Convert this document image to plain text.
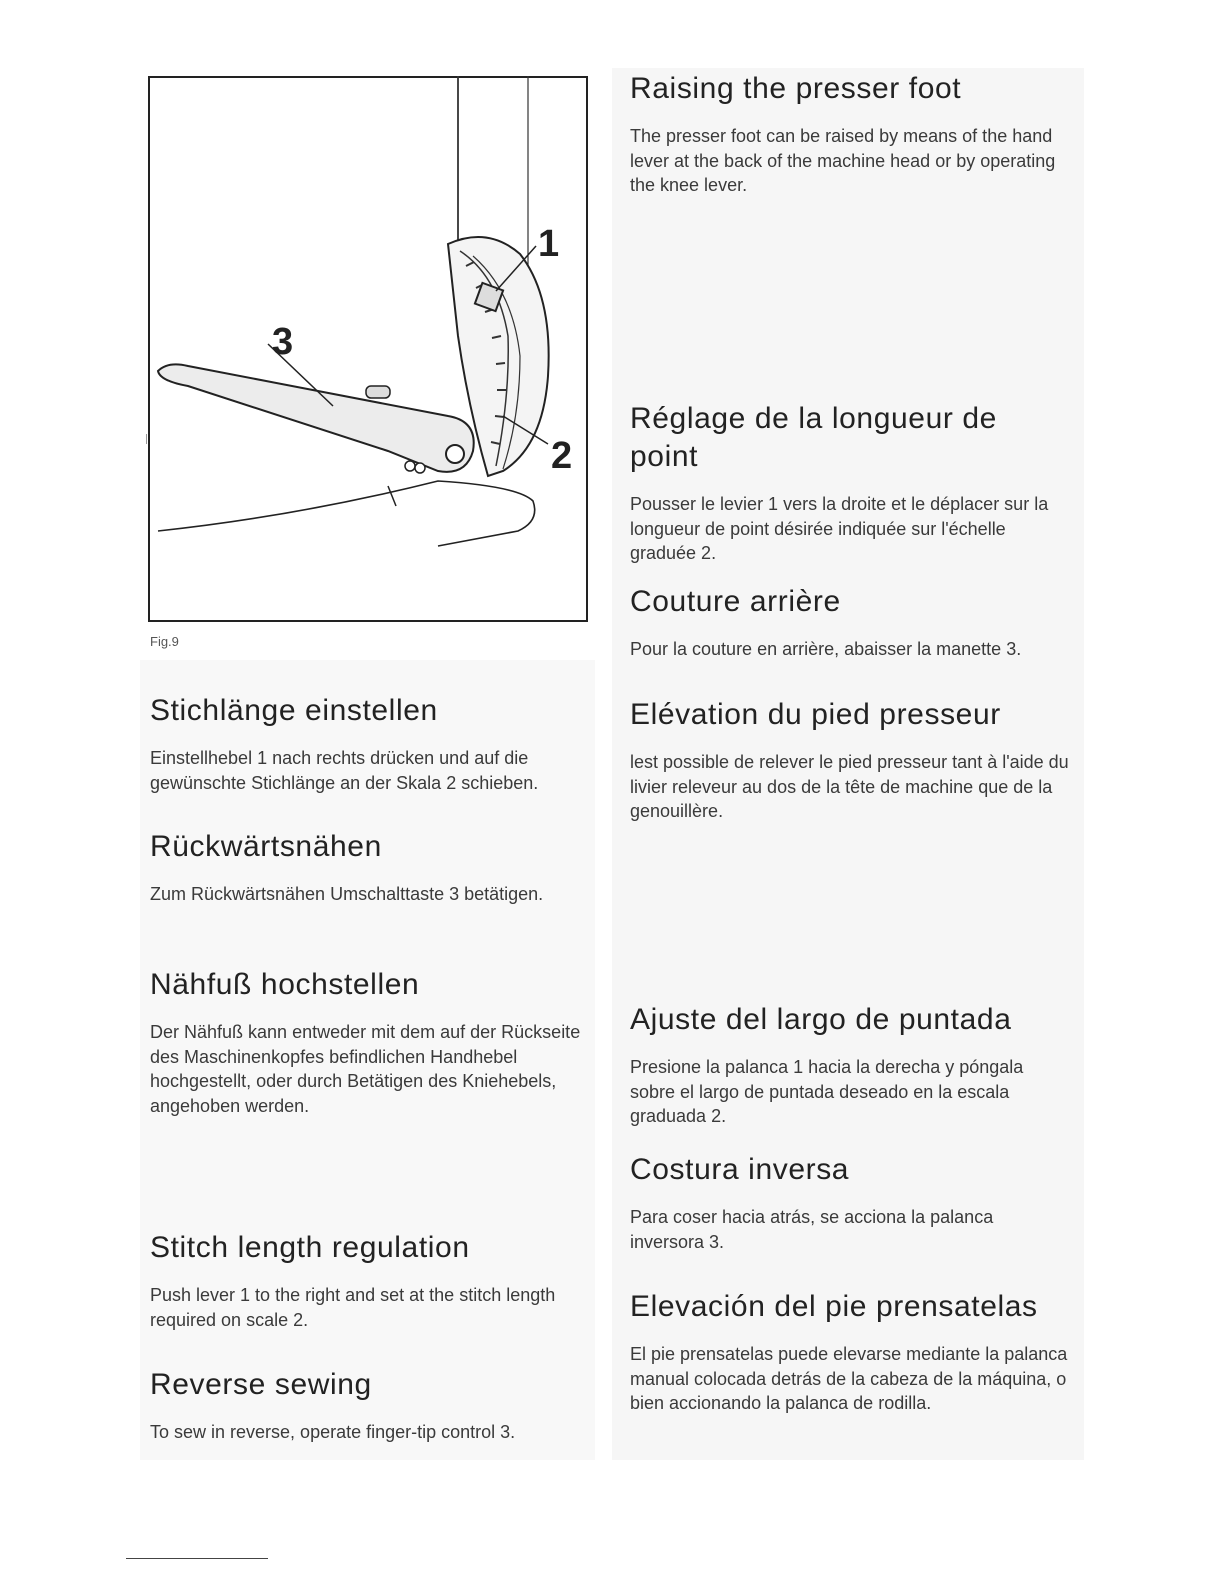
1
2
3
Fig.9
Stichlänge einstellen

Einstellhebel 1 nach rechts drücken und auf die gewünschte Stichlänge an der Skala 2 schieben.

Rückwärtsnähen

Zum Rückwärtsnähen Umschalttaste 3 betätigen.

Nähfuß hochstellen

Der Nähfuß kann entweder mit dem auf der Rückseite des Maschinenkopfes befindlichen Handhebel hochgestellt, oder durch Betätigen des Kniehebels, angehoben werden.

Stitch length regulation

Push lever 1 to the right and set at the stitch length required on scale 2.

Reverse sewing

To sew in reverse, operate finger-tip control 3.

Raising the presser foot

The presser foot can be raised by means of the hand lever at the back of the machine head or by operating the knee lever.

Réglage de la longueur de point

Pousser le levier 1 vers la droite et le déplacer sur la longueur de point désirée indiquée sur l'échelle graduée 2.

Couture arrière

Pour la couture en arrière, abaisser la manette 3.

Elévation du pied presseur

lest possible de relever le pied presseur tant à l'aide du livier releveur au dos de la tête de machine que de la genouillère.

Ajuste del largo de puntada

Presione la palanca 1 hacia la derecha y póngala sobre el largo de puntada deseado en la escala graduada 2.

Costura inversa

Para coser hacia atrás, se acciona la palanca inversora 3.

Elevación del pie prensatelas

El pie prensatelas puede elevarse mediante la palanca manual colocada detrás de la cabeza de la máquina, o bien accionando la palanca de rodilla.
